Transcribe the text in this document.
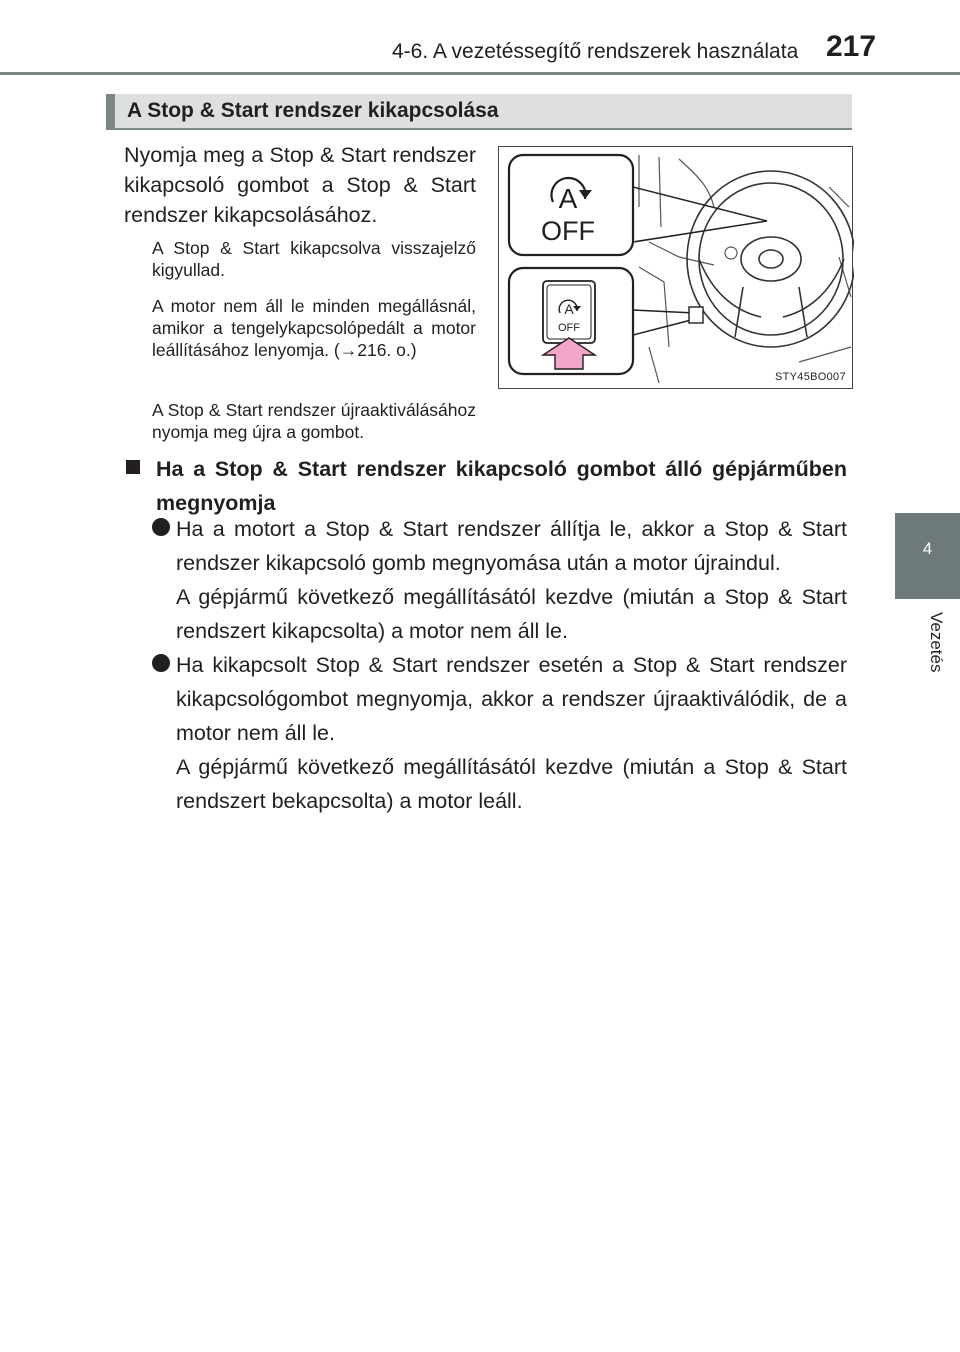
4-6. A vezetéssegítő rendszerek használata 217
4
Vezetés
A Stop & Start rendszer kikapcsolása

Nyomja meg a Stop & Start rendszer kikapcsoló gombot a Stop & Start rendszer kikapcsolásához.

A Stop & Start kikapcsolva visszajelző kigyullad.

A motor nem áll le minden megállásnál, amikor a tengelykapcsolópedált a motor leállításához lenyomja. (→216. o.)

A Stop & Start rendszer újraaktiválásához nyomja meg újra a gombot.

A
OFF
A
OFF
STY45BO007
Ha a Stop & Start rendszer kikapcsoló gombot álló gépjárműben megnyomja
Ha a motort a Stop & Start rendszer állítja le, akkor a Stop & Start rendszer kikapcsoló gomb megnyomása után a motor újraindul.
A gépjármű következő megállításától kezdve (miután a Stop & Start rendszert kikapcsolta) a motor nem áll le.
Ha kikapcsolt Stop & Start rendszer esetén a Stop & Start rendszer kikapcsológombot megnyomja, akkor a rendszer újraaktiválódik, de a motor nem áll le.
A gépjármű következő megállításától kezdve (miután a Stop & Start rendszert bekapcsolta) a motor leáll.
